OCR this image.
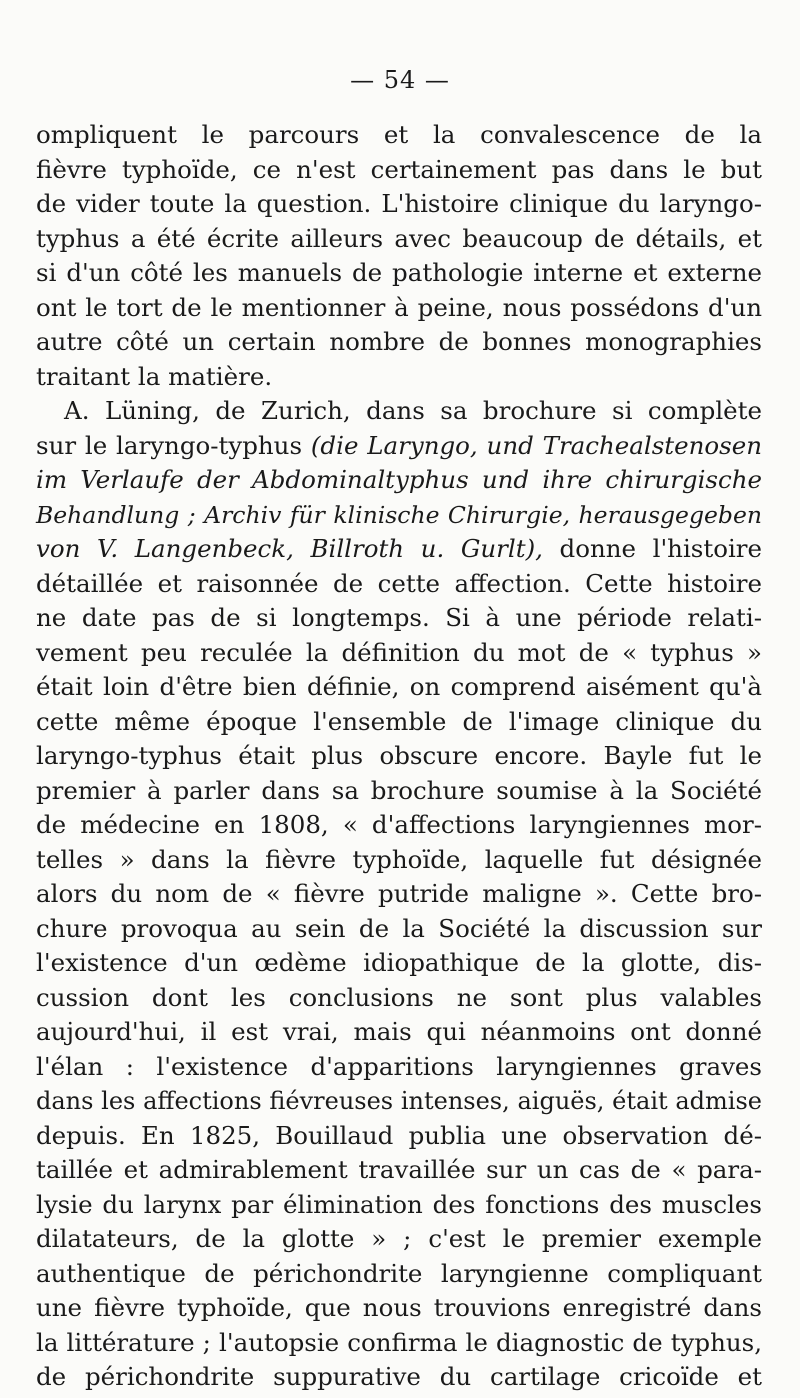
— 54 —
ompliquent le parcours et la convalescence de la
fièvre typhoïde, ce n'est certainement pas dans le but
de vider toute la question. L'histoire clinique du laryngo-
typhus a été écrite ailleurs avec beaucoup de détails, et
si d'un côté les manuels de pathologie interne et externe
ont le tort de le mentionner à peine, nous possédons d'un
autre côté un certain nombre de bonnes monographies
traitant la matière.
A. Lüning, de Zurich, dans sa brochure si complète
sur le laryngo-typhus (die Laryngo, und Trachealstenosen
im Verlaufe der Abdominaltyphus und ihre chirurgische
Behandlung ; Archiv für klinische Chirurgie, herausgegeben
von V. Langenbeck, Billroth u. Gurlt), donne l'histoire
détaillée et raisonnée de cette affection. Cette histoire
ne date pas de si longtemps. Si à une période relati-
vement peu reculée la définition du mot de « typhus »
était loin d'être bien définie, on comprend aisément qu'à
cette même époque l'ensemble de l'image clinique du
laryngo-typhus était plus obscure encore. Bayle fut le
premier à parler dans sa brochure soumise à la Société
de médecine en 1808, « d'affections laryngiennes mor-
telles » dans la fièvre typhoïde, laquelle fut désignée
alors du nom de « fièvre putride maligne ». Cette bro-
chure provoqua au sein de la Société la discussion sur
l'existence d'un œdème idiopathique de la glotte, dis-
cussion dont les conclusions ne sont plus valables
aujourd'hui, il est vrai, mais qui néanmoins ont donné
l'élan : l'existence d'apparitions laryngiennes graves
dans les affections fiévreuses intenses, aiguës, était admise
depuis. En 1825, Bouillaud publia une observation dé-
taillée et admirablement travaillée sur un cas de « para-
lysie du larynx par élimination des fonctions des muscles
dilatateurs, de la glotte » ; c'est le premier exemple
authentique de périchondrite laryngienne compliquant
une fièvre typhoïde, que nous trouvions enregistré dans
la littérature ; l'autopsie confirma le diagnostic de typhus,
de périchondrite suppurative du cartilage cricoïde et
